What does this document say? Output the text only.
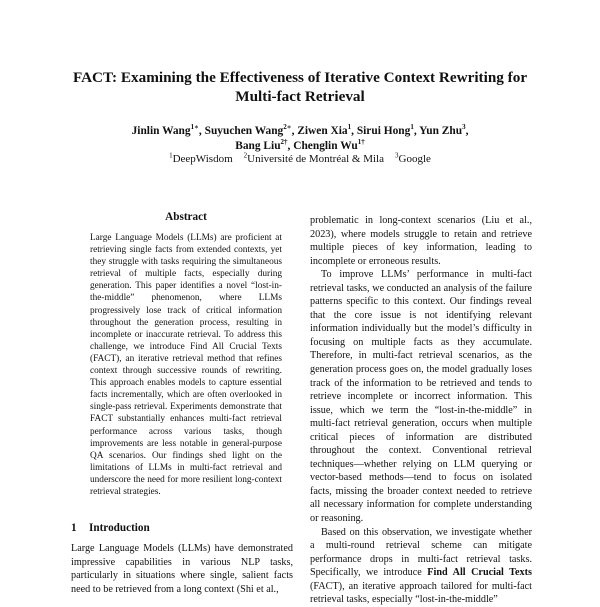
FACT: Examining the Effectiveness of Iterative Context Rewriting for Multi-fact Retrieval
Jinlin Wang$^{1∗}$, Suyuchen Wang$^{2∗}$, Ziwen Xia$^1$, Sirui Hong$^1$, Yun Zhu$^3$,
Bang Liu$^{2\dagger}$, Chenglin $Wu^{1\dagger}$
$^1$DeepWisdom $^2$Université de Montréal & Mila $^3$Google
Abstract

Large Language Models (LLMs) are proficient at retrieving single facts from extended contexts, yet they struggle with tasks requiring the simultaneous retrieval of multiple facts, especially during generation. This paper identifies a novel “lost-in-the-middle” phenomenon, where LLMs progressively lose track of critical information throughout the generation process, resulting in incomplete or inaccurate retrieval. To address this challenge, we introduce Find All Crucial Texts (FACT), an iterative retrieval method that refines context through successive rounds of rewriting. This approach enables models to capture essential facts incrementally, which are often overlooked in single-pass retrieval. Experiments demonstrate that FACT substantially enhances multi-fact retrieval performance across various tasks, though improvements are less notable in general-purpose QA scenarios. Our findings shed light on the limitations of LLMs in multi-fact retrieval and underscore the need for more resilient long-context retrieval strategies.

1 Introduction

Large Language Models (LLMs) have demonstrated impressive capabilities in various NLP tasks, particularly in situations where single, salient facts need to be retrieved from a long context (Shi et al.,

problematic in long-context scenarios (Liu et al., 2023), where models struggle to retain and retrieve multiple pieces of key information, leading to incomplete or erroneous results.

To improve LLMs’ performance in multi-fact retrieval tasks, we conducted an analysis of the failure patterns specific to this context. Our findings reveal that the core issue is not identifying relevant information individually but the model’s difficulty in focusing on multiple facts as they accumulate. Therefore, in multi-fact retrieval scenarios, as the generation process goes on, the model gradually loses track of the information to be retrieved and tends to retrieve incomplete or incorrect information. This issue, which we term the “lost-in-the-middle” in multi-fact retrieval generation, occurs when multiple critical pieces of information are distributed throughout the context. Conventional retrieval techniques—whether relying on LLM querying or vector-based methods—tend to focus on isolated facts, missing the broader context needed to retrieve all necessary information for complete understanding or reasoning.

Based on this observation, we investigate whether a multi-round retrieval scheme can mitigate performance drops in multi-fact retrieval tasks. Specifically, we introduce Find All Crucial Texts (FACT), an iterative approach tailored for multi-fact retrieval tasks, especially “lost-in-the-middle”
